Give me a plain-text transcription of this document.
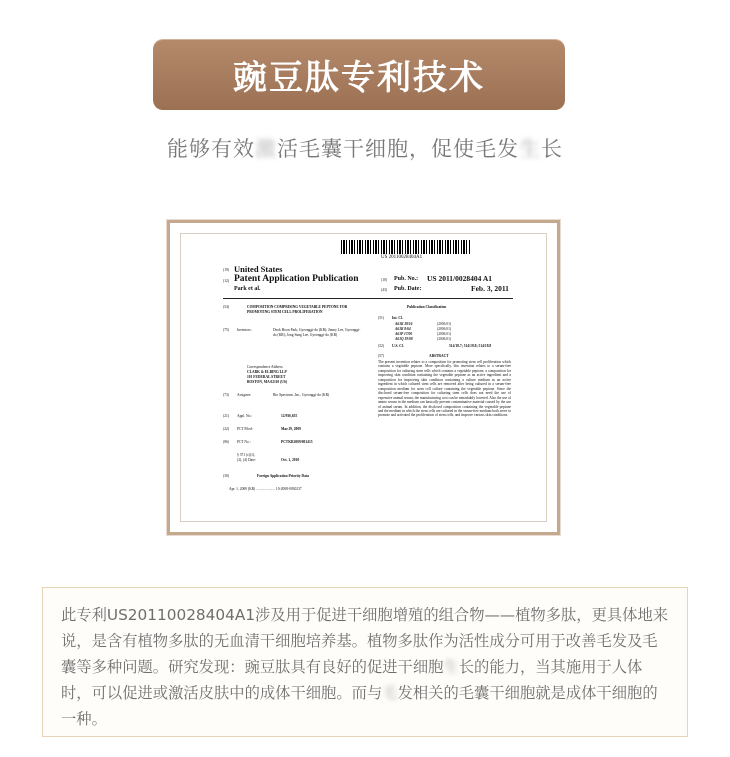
豌豆肽专利技术
能够有效激活毛囊干细胞，促使毛发生长
US 20110028404A1
(19) United States
(12) Patent Application Publication
Park et al.
(10) Pub. No.: US 2011/0028404 A1
(43) Pub. Date:	Feb. 3, 2011
(54)	COMPOSITION COMPRISING VEGETABLE PEPTONE FOR PROMOTING STEM CELL PROLIFERATION
(75) Inventors:	Deok Hoon Park, Gyeonggi-do (KR); Jinmy Lee, Gyeonggi-do (KR); Jong Sung Lee, Gyeonggi-do (KR)
Correspondence Address
CLARK & ELBING LLP
101 FEDERAL STREET
BOSTON, MA 02110 (US)
(73) Assignee:	Bio Spectrum ,Inc., Gyeonggi-do (KR)
(21) Appl. No.:	12/936,655
(22) PCT Filed:	Mar.19, 2009
(86) PCT No.:	PCTKR2009/001415
§ 371 (c)(1),
(2), (4) Date:	Oct. 1, 2010
(30)	Foreign Application Priority Data
Apr. 1, 2008 (KR) ..................... 10-2008-0030237
Publication Classification
(51) Int. Cl.
A61K 38/16	(2006.01)
A61K 8/64	(2006.01)
A61P 17/00	(2006.01)
A61Q 19/08	(2006.01)
(52) U.S. Cl.	514/18.7; 514/18.8; 514/18.8
(57)	ABSTRACT
The present invention relates to a composition for promoting stem cell proliferation which contains a vegetable peptone. More specifically, this invention relates to a serum-free composition for culturing stem cells which contains a vegetable peptone, a composition for improving skin condition containing the vegetable peptone as an active ingredient and a composition for improving skin condition containing a culture medium as an active ingredient in which cultured stem cells are removed after being cultured in a serum-free composition medium for stem cell culture containing the vegetable peptone. Since the disclosed serum-free composition for culturing stem cells does not need the use of expensive animal serum, the manufacturing cost can be remarkably lowered. Also the use of amino serum in the medium can basically prevent contaminative material caused by the use of animal serum. In addition, the disclosed composition containing the vegetable peptone and the medium in which the stem cells are cultured in the serum-free medium both serve to promote and activated the proliferation of stem cells, and improve various skin conditions.
此专利US20110028404A1涉及用于促进干细胞增殖的组合物——植物多肽，更具体地来说，是含有植物多肽的无血清干细胞培养基。植物多肽作为活性成分可用于改善毛发及毛囊等多种问题。研究发现：豌豆肽具有良好的促进干细胞生长的能力，当其施用于人体时，可以促进或激活皮肤中的成体干细胞。而与毛发相关的毛囊干细胞就是成体干细胞的一种。
